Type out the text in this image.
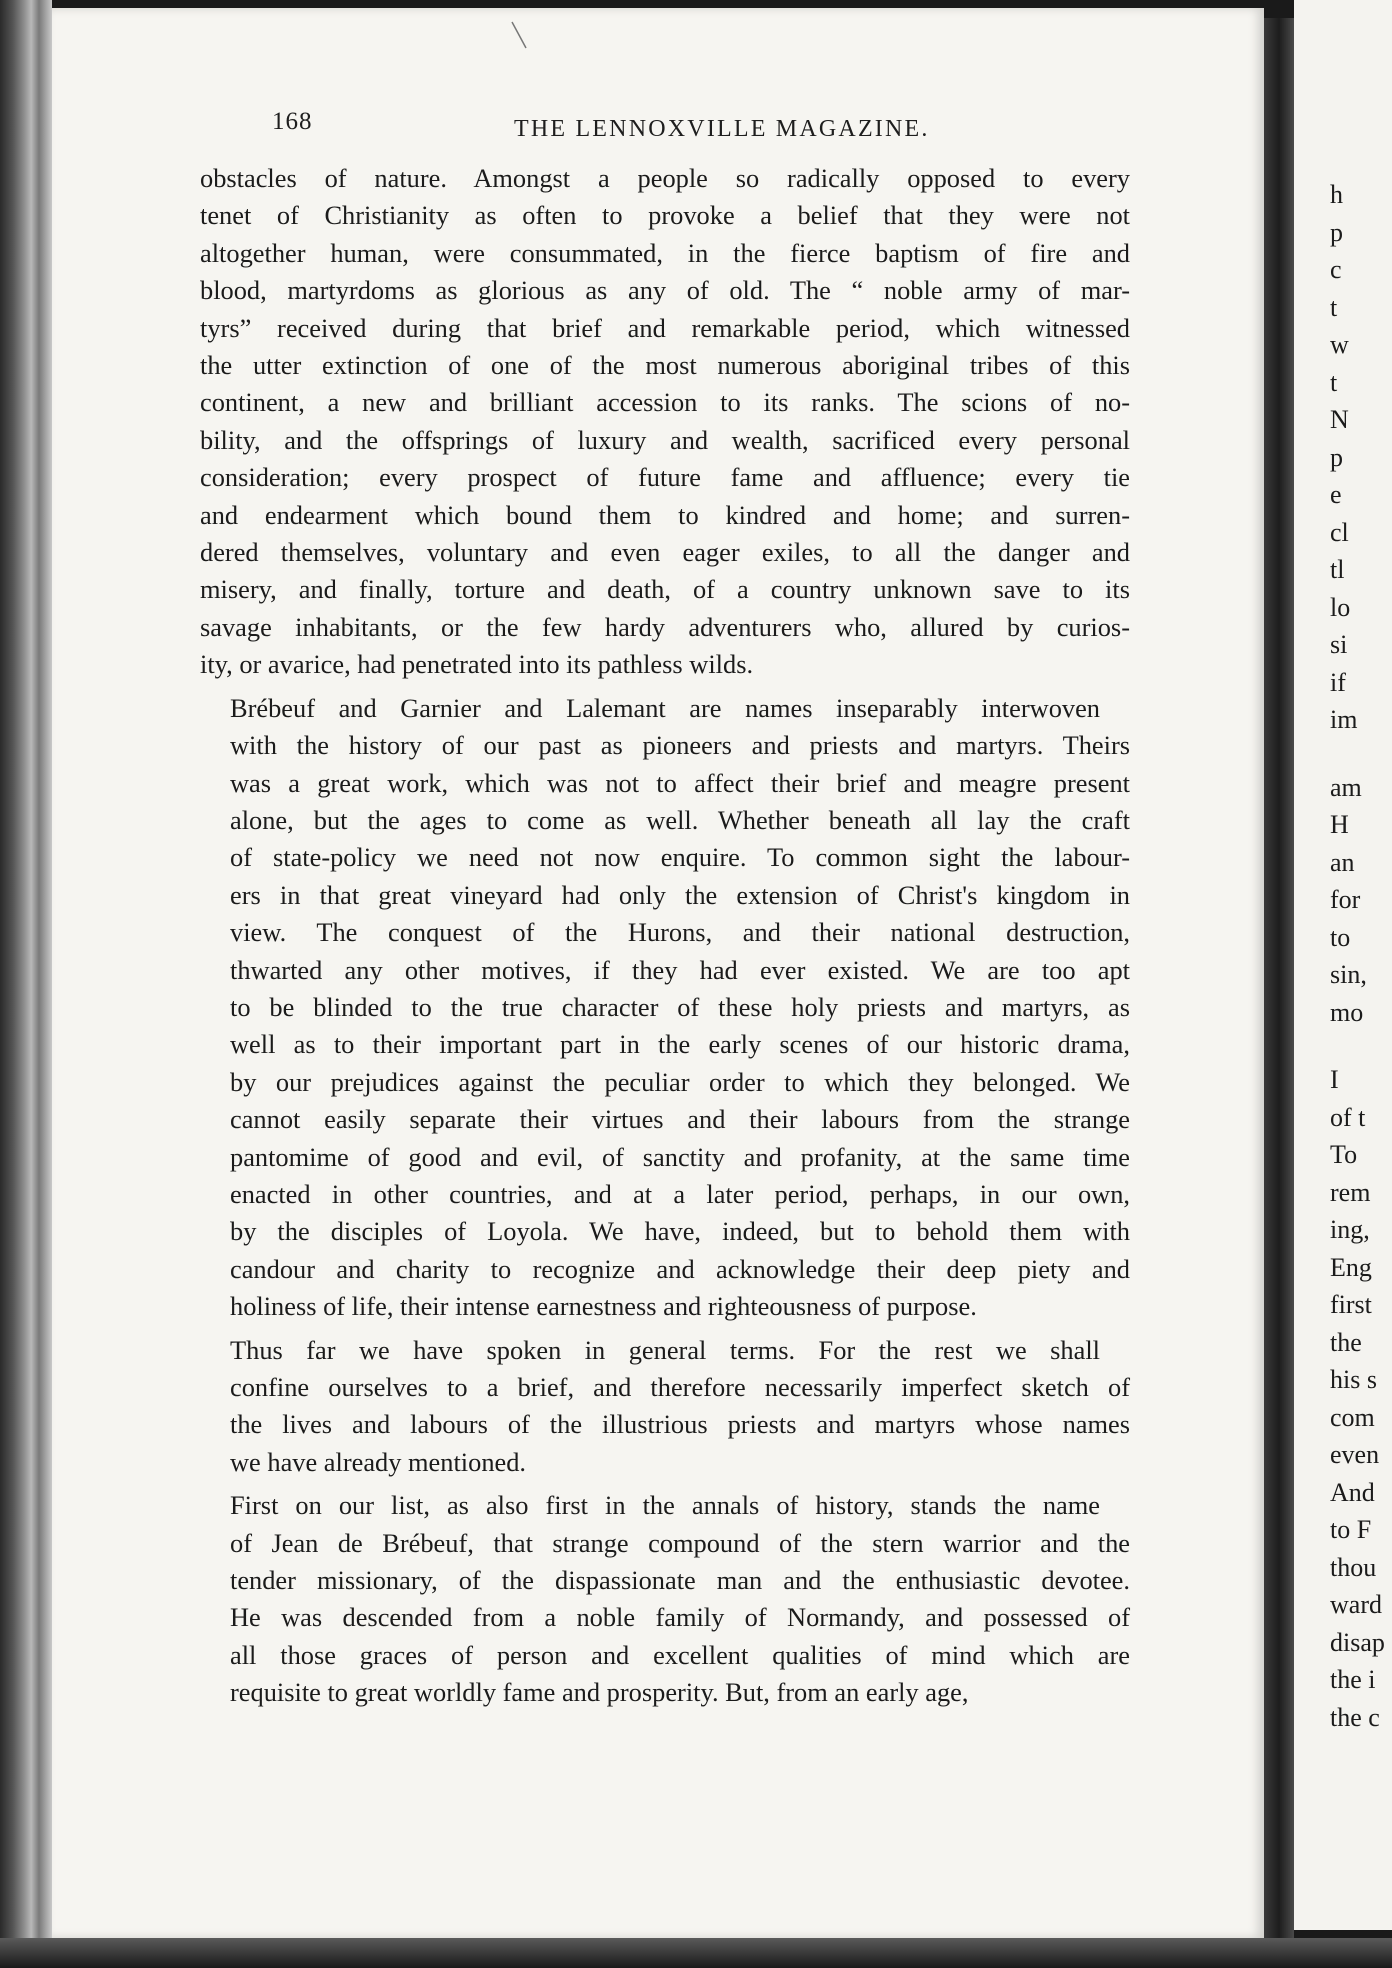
168	THE LENNOXVILLE MAGAZINE.
obstacles of nature. Amongst a people so radically opposed to every
tenet of Christianity as often to provoke a belief that they were not
altogether human, were consummated, in the fierce baptism of fire and
blood, martyrdoms as glorious as any of old. The “ noble army of mar-
tyrs” received during that brief and remarkable period, which witnessed
the utter extinction of one of the most numerous aboriginal tribes of this
continent, a new and brilliant accession to its ranks. The scions of no-
bility, and the offsprings of luxury and wealth, sacrificed every personal
consideration; every prospect of future fame and affluence; every tie
and endearment which bound them to kindred and home; and surren-
dered themselves, voluntary and even eager exiles, to all the danger and
misery, and finally, torture and death, of a country unknown save to its
savage inhabitants, or the few hardy adventurers who, allured by curios-
ity, or avarice, had penetrated into its pathless wilds.
Brébeuf and Garnier and Lalemant are names inseparably interwoven
with the history of our past as pioneers and priests and martyrs. Theirs
was a great work, which was not to affect their brief and meagre present
alone, but the ages to come as well. Whether beneath all lay the craft
of state-policy we need not now enquire. To common sight the labour-
ers in that great vineyard had only the extension of Christ's kingdom in
view. The conquest of the Hurons, and their national destruction,
thwarted any other motives, if they had ever existed. We are too apt
to be blinded to the true character of these holy priests and martyrs, as
well as to their important part in the early scenes of our historic drama,
by our prejudices against the peculiar order to which they belonged. We
cannot easily separate their virtues and their labours from the strange
pantomime of good and evil, of sanctity and profanity, at the same time
enacted in other countries, and at a later period, perhaps, in our own,
by the disciples of Loyola. We have, indeed, but to behold them with
candour and charity to recognize and acknowledge their deep piety and
holiness of life, their intense earnestness and righteousness of purpose.
Thus far we have spoken in general terms. For the rest we shall
confine ourselves to a brief, and therefore necessarily imperfect sketch of
the lives and labours of the illustrious priests and martyrs whose names
we have already mentioned.
First on our list, as also first in the annals of history, stands the name
of Jean de Brébeuf, that strange compound of the stern warrior and the
tender missionary, of the dispassionate man and the enthusiastic devotee.
He was descended from a noble family of Normandy, and possessed of
all those graces of person and excellent qualities of mind which are
requisite to great worldly fame and prosperity. But, from an early age,
h
p
c
t
w
t
N
p
e
cl
tl
lo
si
if
im
am
H
an
for
to
sin,
mo
I
of t
To
rem
ing,
Eng
first
the
his s
com
even
And
to F
thou
ward
disap
the i
the c
